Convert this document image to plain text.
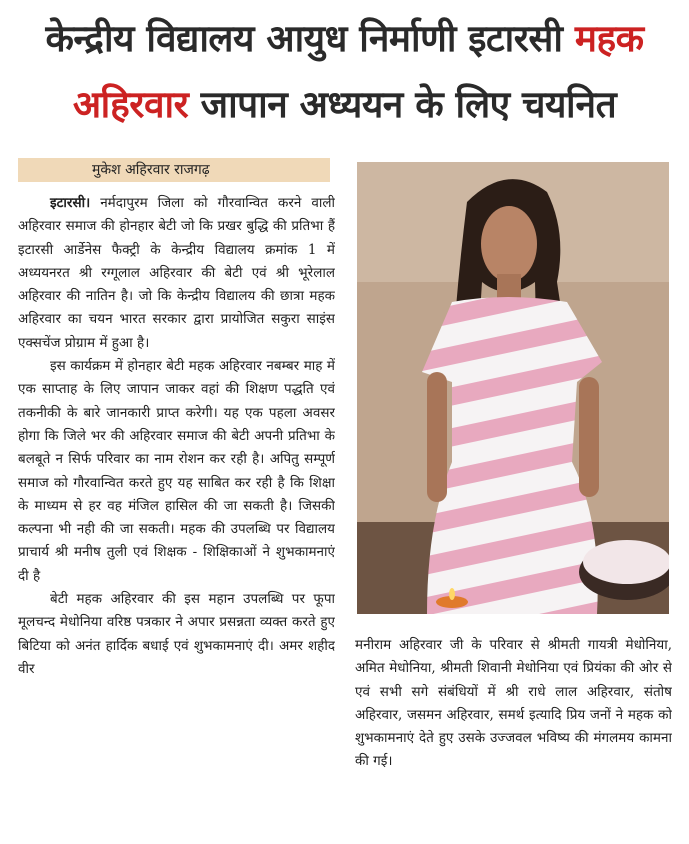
केन्द्रीय विद्यालय आयुध निर्माणी इटारसी महक
अहिरवार जापान अध्ययन के लिए चयनित
मुकेश अहिरवार राजगढ़

इटारसी। नर्मदापुरम जिला को गौरवान्वित करने वाली अहिरवार समाज की होनहार बेटी जो कि प्रखर बुद्धि की प्रतिभा हैं इटारसी आर्डेनेस फैक्ट्री के केन्द्रीय विद्यालय क्रमांक 1 में अध्ययनरत श्री रग्गूलाल अहिरवार की बेटी एवं श्री भूरेलाल अहिरवार की नातिन है। जो कि केन्द्रीय विद्यालय की छात्रा महक अहिरवार का चयन भारत सरकार द्वारा प्रायोजित सकुरा साइंस एक्सचेंज प्रोग्राम में हुआ है।

इस कार्यक्रम में होनहार बेटी महक अहिरवार नबम्बर माह में एक साप्ताह के लिए जापान जाकर वहां की शिक्षण पद्धति एवं तकनीकी के बारे जानकारी प्राप्त करेगी। यह एक पहला अवसर होगा कि जिले भर की अहिरवार समाज की बेटी अपनी प्रतिभा के बलबूते न सिर्फ परिवार का नाम रोशन कर रही है। अपितु सम्पूर्ण समाज को गौरवान्वित करते हुए यह साबित कर रही है कि शिक्षा के माध्यम से हर वह मंजिल हासिल की जा सकती है। जिसकी कल्पना भी नही की जा सकती। महक की उपलब्धि पर विद्यालय प्राचार्य श्री मनीष तुली एवं शिक्षक - शिक्षिकाओं ने शुभकामनाएं दी है

बेटी महक अहिरवार की इस महान उपलब्धि पर फूपा मूलचन्द मेधोनिया वरिष्ठ पत्रकार ने अपार प्रसन्नता व्यक्त करते हुए बिटिया को अनंत हार्दिक बधाई एवं शुभकामनाएं दी। अमर शहीद वीर

मनीराम अहिरवार जी के परिवार से श्रीमती गायत्री मेधोनिया, अमित मेधोनिया, श्रीमती शिवानी मेधोनिया एवं प्रियंका की ओर से एवं सभी सगे संबंधियों में श्री राधे लाल अहिरवार, संतोष अहिरवार, जसमन अहिरवार, समर्थ इत्यादि प्रिय जनों ने महक को शुभकामनाएं देते हुए उसके उज्जवल भविष्य की मंगलमय कामना की गई।
